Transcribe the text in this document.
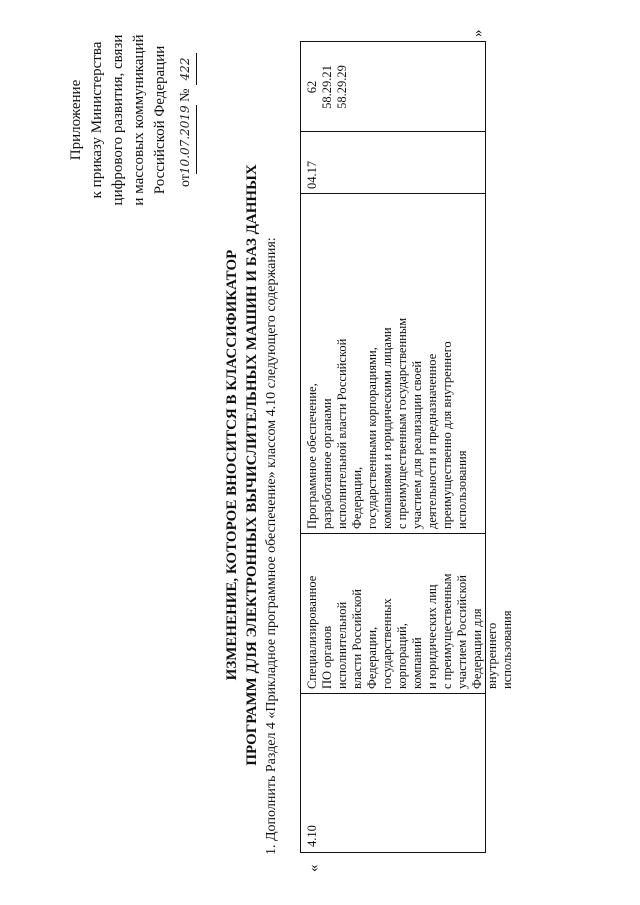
Приложение к приказу Министерства цифрового развития, связи и массовых коммуникаций Российской Федерации от10.07.2019 № 422
ИЗМЕНЕНИЕ, КОТОРОЕ ВНОСИТСЯ В КЛАССИФИКАТОР ПРОГРАММ ДЛЯ ЭЛЕКТРОННЫХ ВЫЧИСЛИТЕЛЬНЫХ МАШИН И БАЗ ДАННЫХ 1. Дополнить Раздел 4 «Прикладное программное обеспечение» классом 4.10 следующего содержания:
«
4.10
Специализированное ПО органов исполнительной власти Российской Федерации, государственных корпораций, компаний и юридических лиц с преимущественным участием Российской Федерации для внутреннего использования
Программное обеспечение, разработанное органами исполнительной власти Российской Федерации, государственными корпорациями, компаниями и юридическими лицами с преимущественным государственным участием для реализации своей деятельности и предназначенное преимущественно для внутреннего использования
04.17
62 58.29.21 58.29.29
»
